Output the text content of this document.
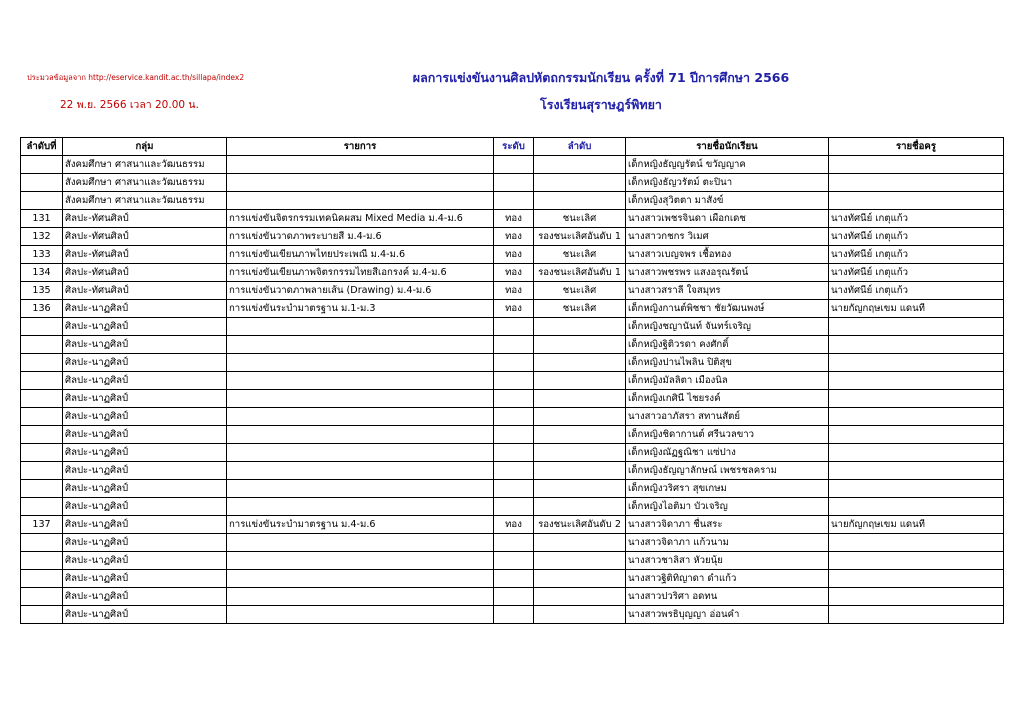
ประมวลข้อมูลจาก http://eservice.kandit.ac.th/sillapa/index2
22 พ.ย. 2566 เวลา 20.00 น.
ผลการแข่งขันงานศิลปหัตถกรรมนักเรียน ครั้งที่ 71 ปีการศึกษา 2566
โรงเรียนสุราษฎร์พิทยา
ลำดับที่	กลุ่ม	รายการ	ระดับ	ลำดับ	รายชื่อนักเรียน	รายชื่อครู
	สังคมศึกษา ศาสนาและวัฒนธรรม				เด็กหญิงธัญญรัตน์ ขวัญญาค	
	สังคมศึกษา ศาสนาและวัฒนธรรม				เด็กหญิงธัญวรัตม์ ตะปินา	
	สังคมศึกษา ศาสนาและวัฒนธรรม				เด็กหญิงสุวิตตา มาสังข์	
131	ศิลปะ-ทัศนศิลป์	การแข่งขันจิตรกรรมเทคนิคผสม Mixed Media ม.4-ม.6	ทอง	ชนะเลิศ	นางสาวเพชรจินดา เผือกเดช	นางทัศนีย์ เกตุแก้ว
132	ศิลปะ-ทัศนศิลป์	การแข่งขันวาดภาพระบายสี ม.4-ม.6	ทอง	รองชนะเลิศอันดับ 1	นางสาวกชกร วิเมศ	นางทัศนีย์ เกตุแก้ว
133	ศิลปะ-ทัศนศิลป์	การแข่งขันเขียนภาพไทยประเพณี ม.4-ม.6	ทอง	ชนะเลิศ	นางสาวเบญจพร เชื้อทอง	นางทัศนีย์ เกตุแก้ว
134	ศิลปะ-ทัศนศิลป์	การแข่งขันเขียนภาพจิตรกรรมไทยสีเอกรงค์ ม.4-ม.6	ทอง	รองชนะเลิศอันดับ 1	นางสาวพชรพร แสงอรุณรัตน์	นางทัศนีย์ เกตุแก้ว
135	ศิลปะ-ทัศนศิลป์	การแข่งขันวาดภาพลายเส้น (Drawing) ม.4-ม.6	ทอง	ชนะเลิศ	นางสาวสราลี ใจสมุทร	นางทัศนีย์ เกตุแก้ว
136	ศิลปะ-นาฏศิลป์	การแข่งขันระบำมาตรฐาน ม.1-ม.3	ทอง	ชนะเลิศ	เด็กหญิงกานต์พิชชา ชัยวัฒนพงษ์	นายกัญกฤษเขม แดนที
	ศิลปะ-นาฏศิลป์				เด็กหญิงชญานันท์ จันทร์เจริญ	
	ศิลปะ-นาฏศิลป์				เด็กหญิงฐิติวรดา คงศักดิ์	
	ศิลปะ-นาฏศิลป์				เด็กหญิงปานไพลิน ปิติสุข	
	ศิลปะ-นาฏศิลป์				เด็กหญิงมัลลิตา เมืองนิล	
	ศิลปะ-นาฏศิลป์				เด็กหญิงเกศินี ไชยรงค์	
	ศิลปะ-นาฏศิลป์				นางสาวอาภัสรา สทานสัตย์	
	ศิลปะ-นาฏศิลป์				เด็กหญิงชิดากานต์ ศรีนวลขาว	
	ศิลปะ-นาฏศิลป์				เด็กหญิงณัฏฐณิชา แซ่ปาง	
	ศิลปะ-นาฏศิลป์				เด็กหญิงธัญญาลักษณ์ เพชรชลคราม	
	ศิลปะ-นาฏศิลป์				เด็กหญิงวริศรา สุขเกษม	
	ศิลปะ-นาฏศิลป์				เด็กหญิงไอติมา บัวเจริญ	
137	ศิลปะ-นาฏศิลป์	การแข่งขันระบำมาตรฐาน ม.4-ม.6	ทอง	รองชนะเลิศอันดับ 2	นางสาวจิดาภา ชื่นสระ	นายกัญกฤษเขม แดนที
	ศิลปะ-นาฏศิลป์				นางสาวจิดาภา แก้วนาม	
	ศิลปะ-นาฏศิลป์				นางสาวชาลิสา หัวยนุ้ย	
	ศิลปะ-นาฏศิลป์				นางสาวฐิติทิญาดา ดำแก้ว	
	ศิลปะ-นาฏศิลป์				นางสาวปวริศา อดทน	
	ศิลปะ-นาฏศิลป์				นางสาวพรธิบุญญา อ่อนคำ	
